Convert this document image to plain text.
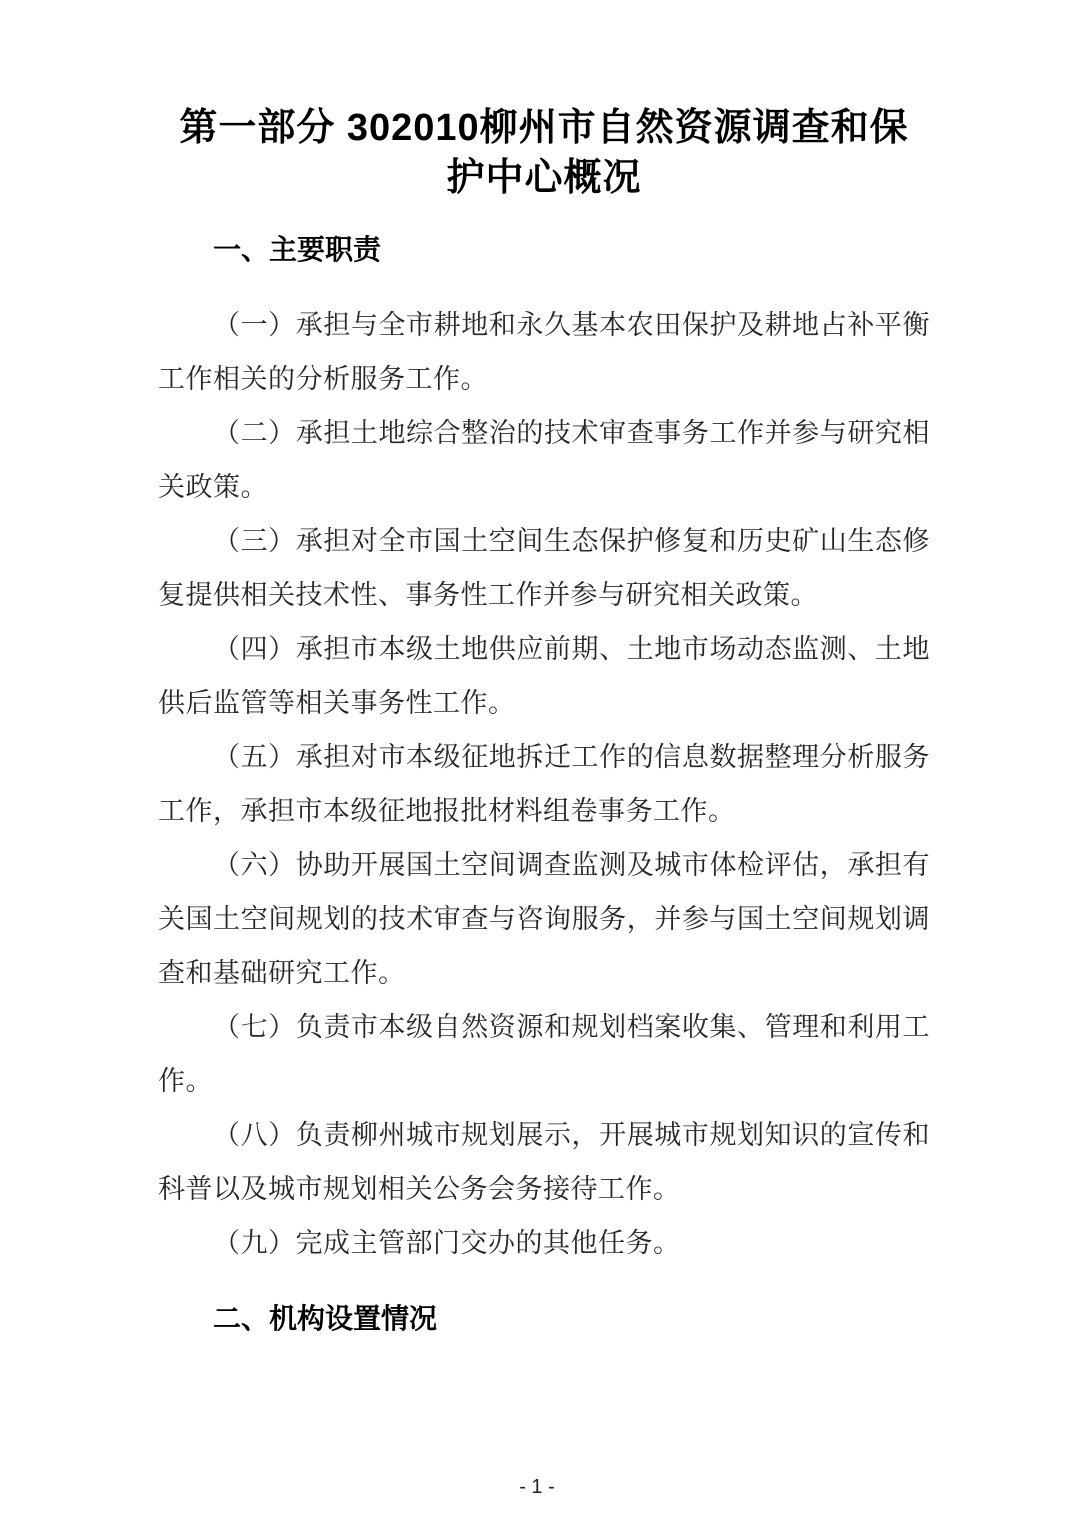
第一部分 302010柳州市自然资源调查和保
护中心概况
一、主要职责

（一）承担与全市耕地和永久基本农田保护及耕地占补平衡工作相关的分析服务工作。

（二）承担土地综合整治的技术审查事务工作并参与研究相关政策。

（三）承担对全市国土空间生态保护修复和历史矿山生态修复提供相关技术性、事务性工作并参与研究相关政策。

（四）承担市本级土地供应前期、土地市场动态监测、土地供后监管等相关事务性工作。

（五）承担对市本级征地拆迁工作的信息数据整理分析服务工作，承担市本级征地报批材料组卷事务工作。

（六）协助开展国土空间调查监测及城市体检评估，承担有关国土空间规划的技术审查与咨询服务，并参与国土空间规划调查和基础研究工作。

（七）负责市本级自然资源和规划档案收集、管理和利用工作。

（八）负责柳州城市规划展示，开展城市规划知识的宣传和科普以及城市规划相关公务会务接待工作。

（九）完成主管部门交办的其他任务。

二、机构设置情况
- 1 -
